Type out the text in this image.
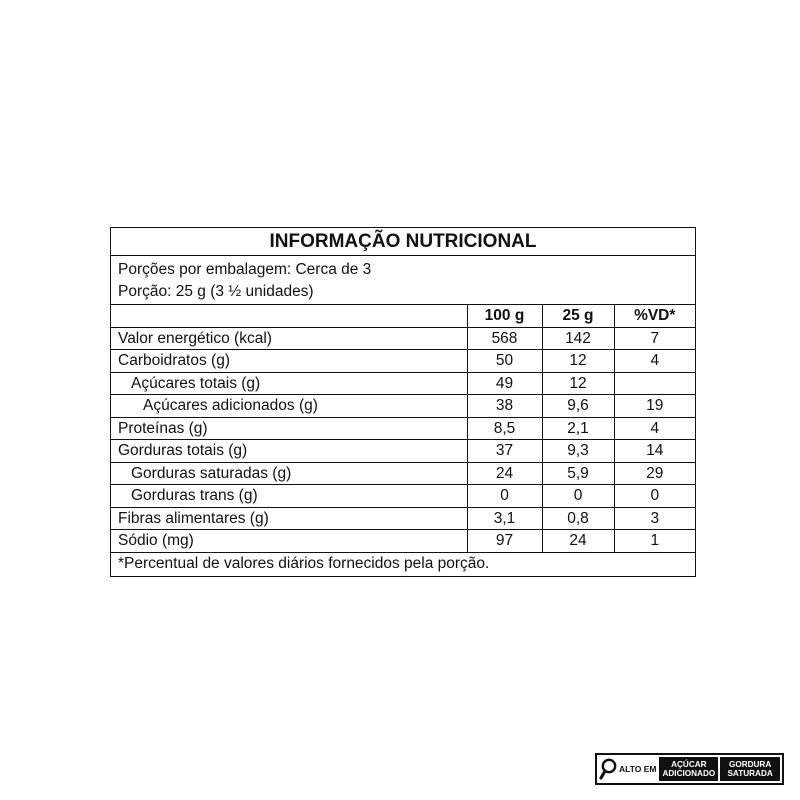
INFORMAÇÃO NUTRICIONAL
Porções por embalagem: Cerca de 3
Porção: 25 g (3 ½ unidades)
	100 g	25 g	%VD*
Valor energético (kcal)	568	142	7
Carboidratos (g)	50	12	4
Açúcares totais (g)	49	12	
Açúcares adicionados (g)	38	9,6	19
Proteínas (g)	8,5	2,1	4
Gorduras totais (g)	37	9,3	14
Gorduras saturadas (g)	24	5,9	29
Gorduras trans (g)	0	0	0
Fibras alimentares (g)	3,1	0,8	3
Sódio (mg)	97	24	1
*Percentual de valores diários fornecidos pela porção.
ALTO EM AÇÚCAR
ADICIONADO
GORDURA
SATURADA
